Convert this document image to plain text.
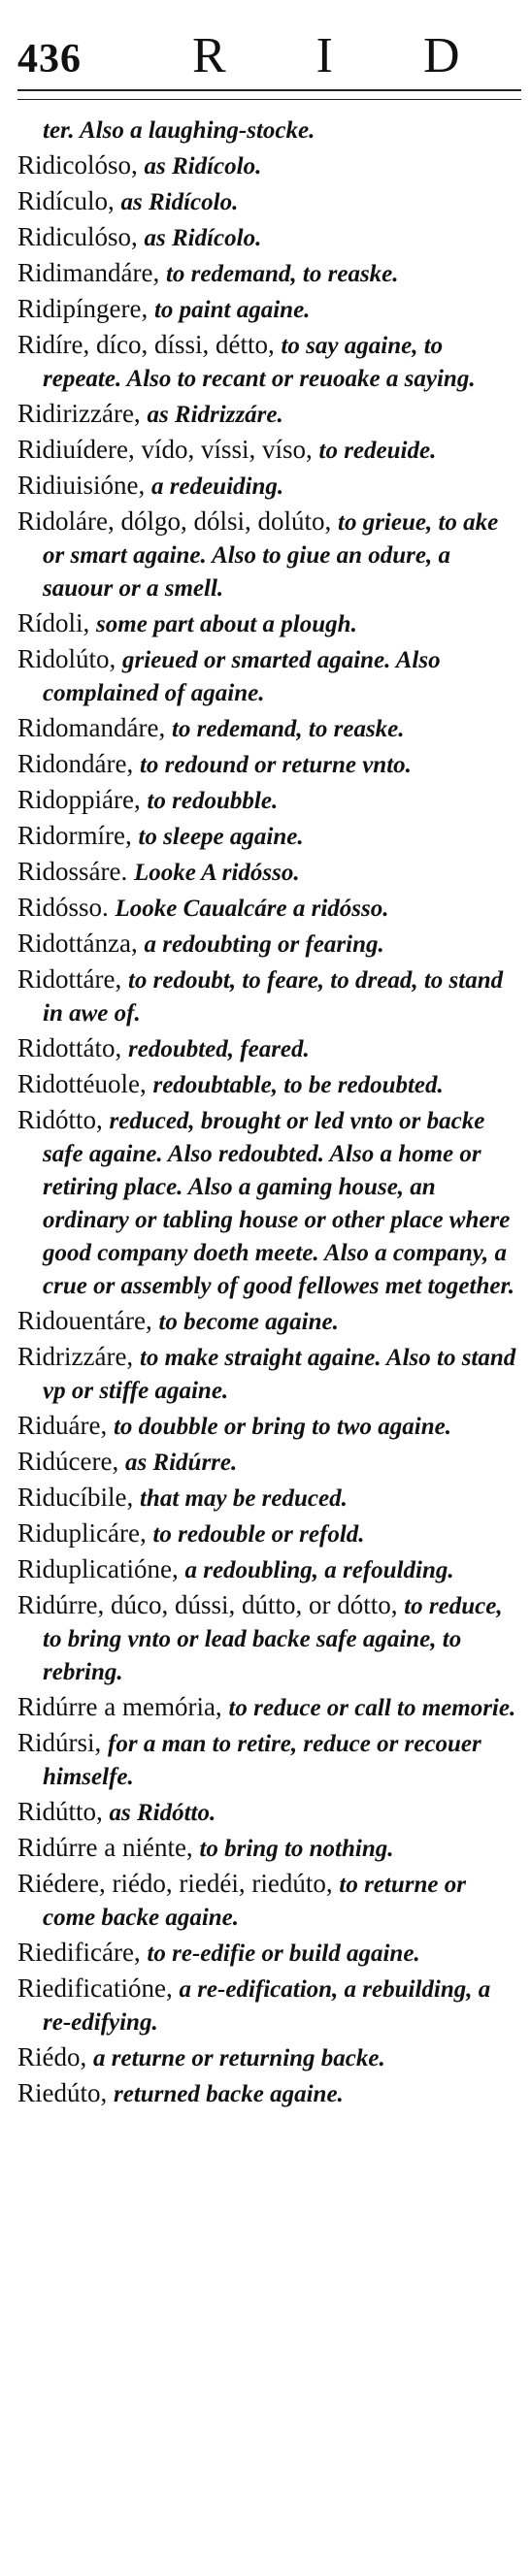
436	R I D

ter. Also a laughing-stocke.

Ridicolóso, as Ridícolo.

Ridículo, as Ridícolo.

Ridiculóso, as Ridícolo.

Ridimandáre, to redemand, to reaske.

Ridipíngere, to paint againe.

Ridíre, díco, díssi, détto, to say againe, to repeate. Also to recant or reuoake a saying.

Ridirizzáre, as Ridrizzáre.

Ridiuídere, vído, víssi, víso, to redeuide.

Ridiuisióne, a redeuiding.

Ridoláre, dólgo, dólsi, dolúto, to grieue, to ake or smart againe. Also to giue an odure, a sauour or a smell.

Rídoli, some part about a plough.

Ridolúto, grieued or smarted againe. Also complained of againe.

Ridomandáre, to redemand, to reaske.

Ridondáre, to redound or returne vnto.

Ridoppiáre, to redoubble.

Ridormíre, to sleepe againe.

Ridossáre. Looke A ridósso.

Ridósso. Looke Caualcáre a ridósso.

Ridottánza, a redoubting or fearing.

Ridottáre, to redoubt, to feare, to dread, to stand in awe of.

Ridottáto, redoubted, feared.

Ridottéuole, redoubtable, to be redoubted.

Ridótto, reduced, brought or led vnto or backe safe againe. Also redoubted. Also a home or retiring place. Also a gaming house, an ordinary or tabling house or other place where good company doeth meete. Also a company, a crue or assembly of good fellowes met together.

Ridouentáre, to become againe.

Ridrizzáre, to make straight againe. Also to stand vp or stiffe againe.

Riduáre, to doubble or bring to two againe.

Ridúcere, as Ridúrre.

Riducíbile, that may be reduced.

Riduplicáre, to redouble or refold.

Riduplicatióne, a redoubling, a refoulding.

Ridúrre, dúco, dússi, dútto, or dótto, to reduce, to bring vnto or lead backe safe againe, to rebring.

Ridúrre a memória, to reduce or call to memorie.

Ridúrsi, for a man to retire, reduce or recouer himselfe.

Ridútto, as Ridótto.

Ridúrre a niénte, to bring to nothing.

Riédere, riédo, riedéi, riedúto, to returne or come backe againe.

Riedificáre, to re-edifie or build againe.

Riedificatióne, a re-edification, a rebuilding, a re-edifying.

Riédo, a returne or returning backe.

Riedúto, returned backe againe.
